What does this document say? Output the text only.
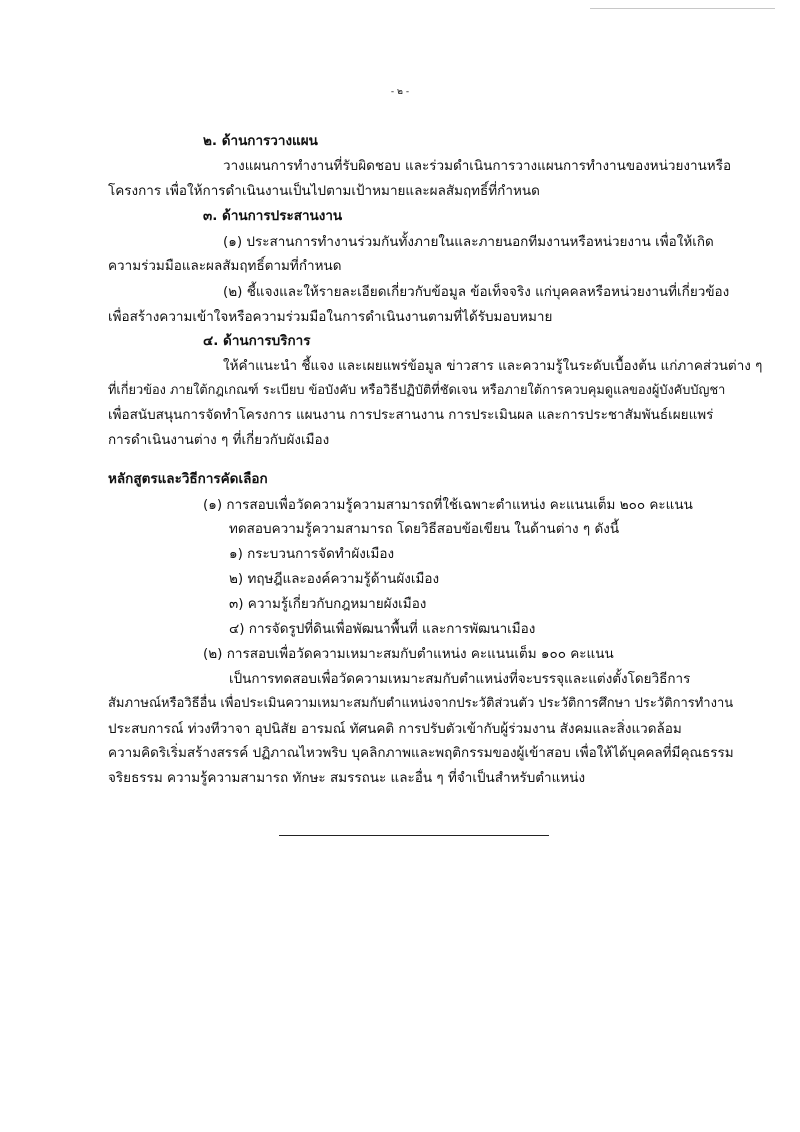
- ๒ -
๒. ด้านการวางแผน
วางแผนการทำงานที่รับผิดชอบ และร่วมดำเนินการวางแผนการทำงานของหน่วยงานหรือ
โครงการ เพื่อให้การดำเนินงานเป็นไปตามเป้าหมายและผลสัมฤทธิ์ที่กำหนด
๓. ด้านการประสานงาน
(๑) ประสานการทำงานร่วมกันทั้งภายในและภายนอกทีมงานหรือหน่วยงาน เพื่อให้เกิด
ความร่วมมือและผลสัมฤทธิ์ตามที่กำหนด
(๒) ชี้แจงและให้รายละเอียดเกี่ยวกับข้อมูล ข้อเท็จจริง แก่บุคคลหรือหน่วยงานที่เกี่ยวข้อง
เพื่อสร้างความเข้าใจหรือความร่วมมือในการดำเนินงานตามที่ได้รับมอบหมาย
๔. ด้านการบริการ
ให้คำแนะนำ ชี้แจง และเผยแพร่ข้อมูล ข่าวสาร และความรู้ในระดับเบื้องต้น แก่ภาคส่วนต่าง ๆ
ที่เกี่ยวข้อง ภายใต้กฎเกณฑ์ ระเบียบ ข้อบังคับ หรือวิธีปฏิบัติที่ชัดเจน หรือภายใต้การควบคุมดูแลของผู้บังคับบัญชา
เพื่อสนับสนุนการจัดทำโครงการ แผนงาน การประสานงาน การประเมินผล และการประชาสัมพันธ์เผยแพร่
การดำเนินงานต่าง ๆ ที่เกี่ยวกับผังเมือง
หลักสูตรและวิธีการคัดเลือก
(๑) การสอบเพื่อวัดความรู้ความสามารถที่ใช้เฉพาะตำแหน่ง คะแนนเต็ม ๒๐๐ คะแนน
ทดสอบความรู้ความสามารถ โดยวิธีสอบข้อเขียน ในด้านต่าง ๆ ดังนี้
๑) กระบวนการจัดทำผังเมือง
๒) ทฤษฎีและองค์ความรู้ด้านผังเมือง
๓) ความรู้เกี่ยวกับกฎหมายผังเมือง
๔) การจัดรูปที่ดินเพื่อพัฒนาพื้นที่ และการพัฒนาเมือง
(๒) การสอบเพื่อวัดความเหมาะสมกับตำแหน่ง คะแนนเต็ม ๑๐๐ คะแนน
เป็นการทดสอบเพื่อวัดความเหมาะสมกับตำแหน่งที่จะบรรจุและแต่งตั้งโดยวิธีการ
สัมภาษณ์หรือวิธีอื่น เพื่อประเมินความเหมาะสมกับตำแหน่งจากประวัติส่วนตัว ประวัติการศึกษา ประวัติการทำงาน
ประสบการณ์ ท่วงทีวาจา อุปนิสัย อารมณ์ ทัศนคติ การปรับตัวเข้ากับผู้ร่วมงาน สังคมและสิ่งแวดล้อม
ความคิดริเริ่มสร้างสรรค์ ปฏิภาณไหวพริบ บุคลิกภาพและพฤติกรรมของผู้เข้าสอบ เพื่อให้ได้บุคคลที่มีคุณธรรม
จริยธรรม ความรู้ความสามารถ ทักษะ สมรรถนะ และอื่น ๆ ที่จำเป็นสำหรับตำแหน่ง
